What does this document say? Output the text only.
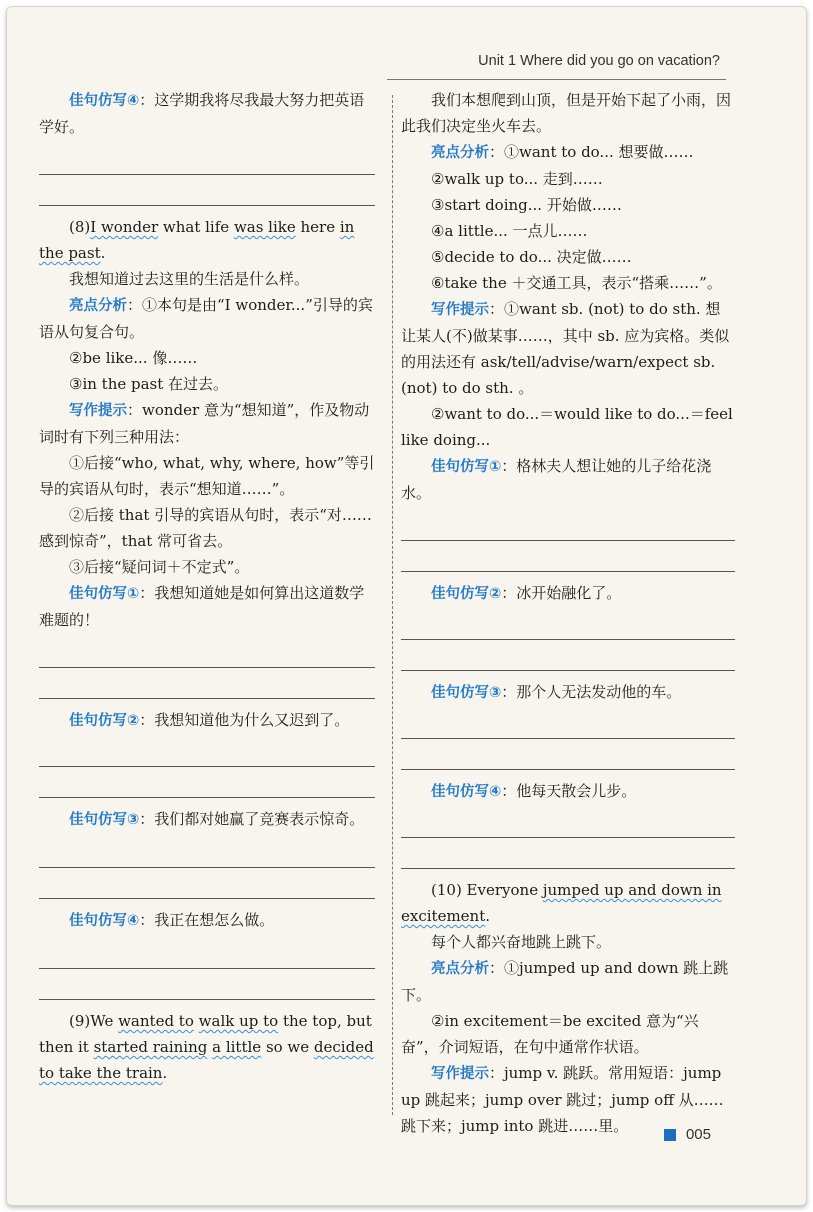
Unit 1 Where did you go on vacation?

佳句仿写④：这学期我将尽我最大努力把英语学好。

(8)I wonder what life was like here in the past.

我想知道过去这里的生活是什么样。

亮点分析：①本句是由“I wonder...”引导的宾语从句复合句。

②be like... 像……

③in the past 在过去。

写作提示：wonder 意为“想知道”，作及物动词时有下列三种用法：

①后接“who, what, why, where, how”等引导的宾语从句时，表示“想知道……”。

②后接 that 引导的宾语从句时，表示“对……感到惊奇”，that 常可省去。

③后接“疑问词＋不定式”。

佳句仿写①：我想知道她是如何算出这道数学难题的！

佳句仿写②：我想知道他为什么又迟到了。

佳句仿写③：我们都对她赢了竞赛表示惊奇。

佳句仿写④：我正在想怎么做。

(9)We wanted to walk up to the top, but then it started raining a little so we decided to take the train.

我们本想爬到山顶，但是开始下起了小雨，因此我们决定坐火车去。

亮点分析：①want to do... 想要做……

②walk up to... 走到……

③start doing... 开始做……

④a little... 一点儿……

⑤decide to do... 决定做……

⑥take the ＋交通工具，表示“搭乘……”。

写作提示：①want sb. (not) to do sth. 想让某人(不)做某事……，其中 sb. 应为宾格。类似的用法还有 ask/tell/advise/warn/expect sb. (not) to do sth. 。

②want to do...＝would like to do...＝feel like doing...

佳句仿写①：格林夫人想让她的儿子给花浇水。

佳句仿写②：冰开始融化了。

佳句仿写③：那个人无法发动他的车。

佳句仿写④：他每天散会儿步。

(10) Everyone jumped up and down in excitement.

每个人都兴奋地跳上跳下。

亮点分析：①jumped up and down 跳上跳下。

②in excitement＝be excited 意为“兴奋”，介词短语，在句中通常作状语。

写作提示：jump v. 跳跃。常用短语：jump up 跳起来；jump over 跳过；jump off 从……跳下来；jump into 跳进……里。	005
